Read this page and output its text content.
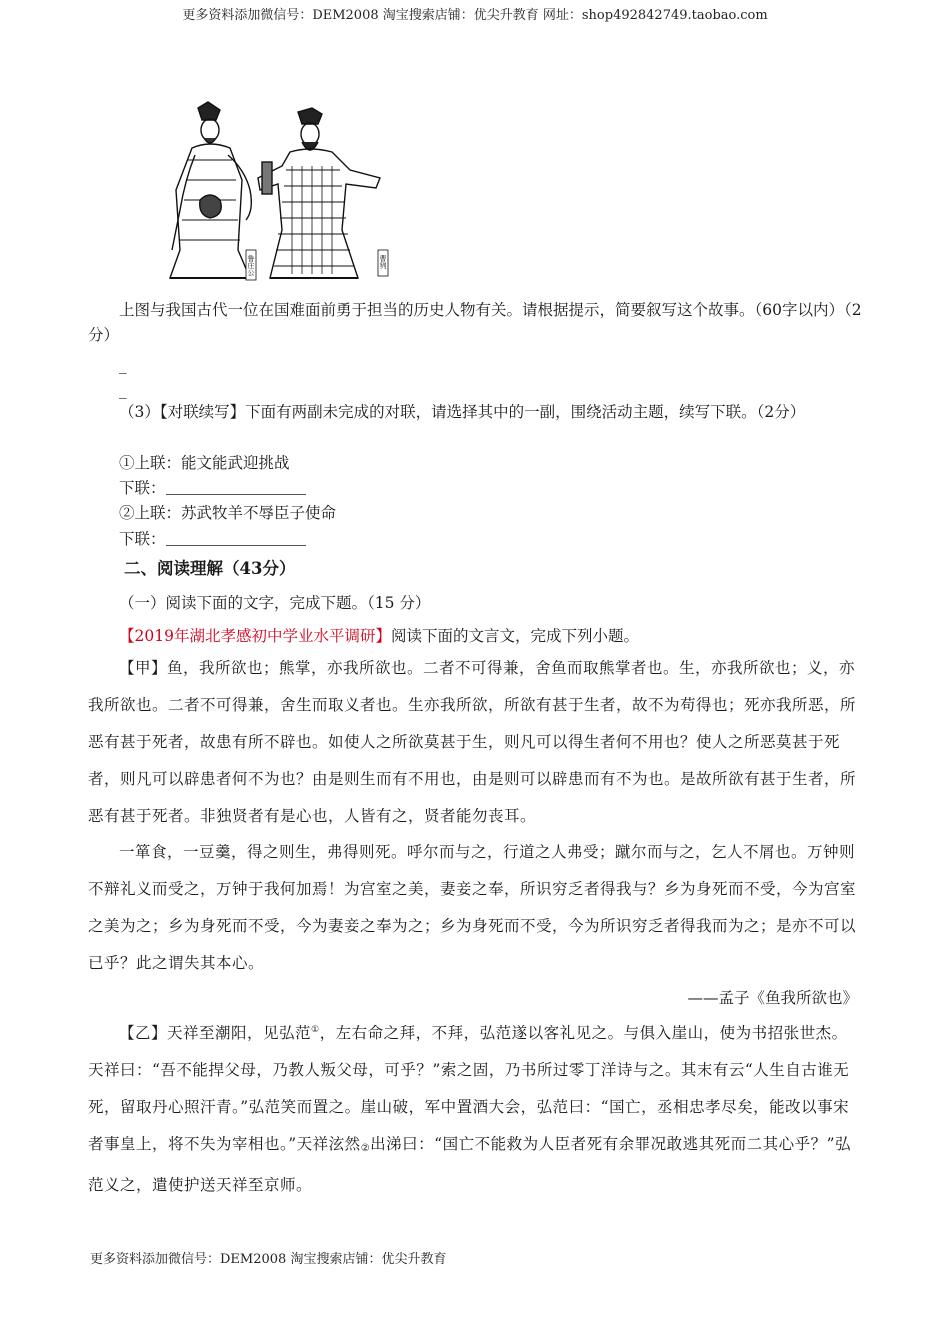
更多资料添加微信号：DEM2008 淘宝搜索店铺：优尖升教育 网址：shop492842749.taobao.com
鲁庄公	曹刿
上图与我国古代一位在国难面前勇于担当的历史人物有关。请根据提示，简要叙写这个故事。（60字以内）（2分）
_
_
（3）【对联续写】下面有两副未完成的对联，请选择其中的一副，围绕活动主题，续写下联。（2分）
①上联：能文能武迎挑战
下联：
②上联：苏武牧羊不辱臣子使命
下联：
二、阅读理解（43分）
（一）阅读下面的文字，完成下题。（15 分）
【2019年湖北孝感初中学业水平调研】阅读下面的文言文，完成下列小题。
【甲】鱼，我所欲也；熊掌，亦我所欲也。二者不可得兼，舍鱼而取熊掌者也。生，亦我所欲也；义，亦我所欲也。二者不可得兼，舍生而取义者也。生亦我所欲，所欲有甚于生者，故不为苟得也；死亦我所恶，所恶有甚于死者，故患有所不辟也。如使人之所欲莫甚于生，则凡可以得生者何不用也？使人之所恶莫甚于死者，则凡可以辟患者何不为也？由是则生而有不用也，由是则可以辟患而有不为也。是故所欲有甚于生者，所恶有甚于死者。非独贤者有是心也，人皆有之，贤者能勿丧耳。
一箪食，一豆羹，得之则生，弗得则死。呼尔而与之，行道之人弗受；蹴尔而与之，乞人不屑也。万钟则不辩礼义而受之，万钟于我何加焉！为宫室之美，妻妾之奉，所识穷乏者得我与？乡为身死而不受，今为宫室之美为之；乡为身死而不受，今为妻妾之奉为之；乡为身死而不受，今为所识穷乏者得我而为之；是亦不可以已乎？此之谓失其本心。
——孟子《鱼我所欲也》
【乙】天祥至潮阳，见弘范①，左右命之拜，不拜，弘范遂以客礼见之。与俱入崖山，使为书招张世杰。天祥曰：“吾不能捍父母，乃教人叛父母，可乎？”索之固，乃书所过零丁洋诗与之。其末有云“人生自古谁无死，留取丹心照汗青。”弘范笑而置之。崖山破，军中置酒大会，弘范曰：“国亡，丞相忠孝尽矣，能改以事宋者事皇上，将不失为宰相也。”天祥泫然②出涕曰：“国亡不能救为人臣者死有余罪况敢逃其死而二其心乎？”弘范义之，遣使护送天祥至京师。
更多资料添加微信号：DEM2008 淘宝搜索店铺：优尖升教育
